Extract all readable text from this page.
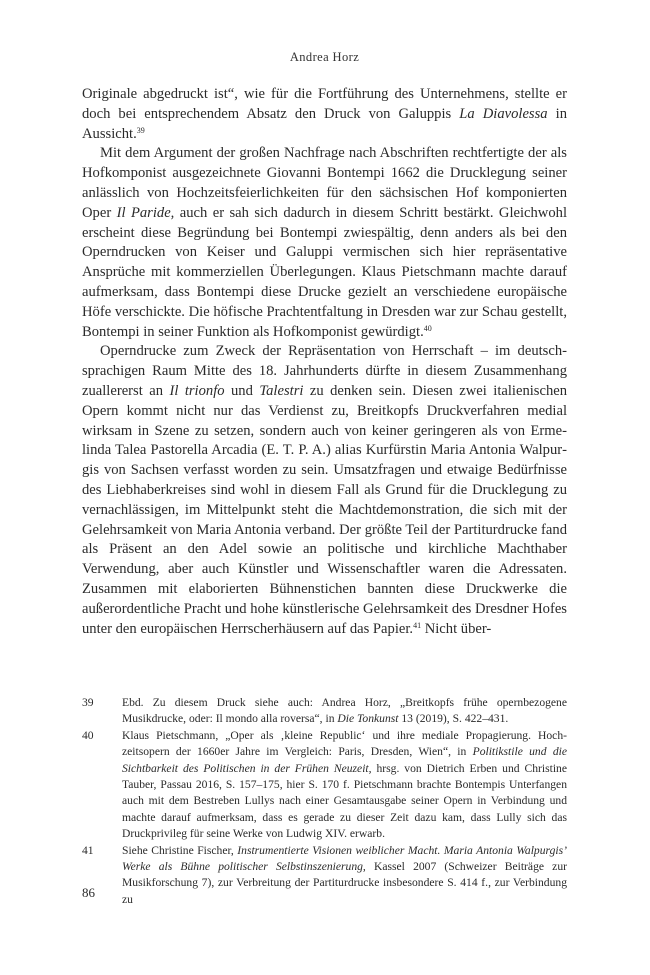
Andrea Horz

Originale abgedruckt ist“, wie für die Fortführung des Unternehmens, stellte er doch bei entsprechendem Absatz den Druck von Galuppis La Diavolessa in Aussicht.$^{39}$

Mit dem Argument der großen Nachfrage nach Abschriften rechtfertigte der als Hofkomponist ausgezeichnete Giovanni Bontempi 1662 die Drucklegung seiner anlässlich von Hochzeitsfeierlichkeiten für den sächsischen Hof komponierten Oper Il Paride, auch er sah sich dadurch in diesem Schritt bestärkt. Gleichwohl erscheint diese Begründung bei Bontempi zwiespältig, denn anders als bei den Operndrucken von Keiser und Galuppi vermischen sich hier repräsentative Ansprüche mit kommerziellen Überlegungen. Klaus Pietschmann machte darauf aufmerksam, dass Bontempi diese Drucke gezielt an verschiedene europäische Höfe verschickte. Die höfische Prachtentfaltung in Dresden war zur Schau gestellt, Bontempi in seiner Funktion als Hofkomponist gewürdigt.$^{40}$

Operndrucke zum Zweck der Repräsentation von Herrschaft – im deutschsprachigen Raum Mitte des 18. Jahrhunderts dürfte in diesem Zusammenhang zuallererst an Il trionfo und Talestri zu denken sein. Diesen zwei italienischen Opern kommt nicht nur das Verdienst zu, Breitkopfs Druckverfahren medial wirksam in Szene zu setzen, sondern auch von keiner geringeren als von Ermelinda Talea Pastorella Arcadia (E. T. P. A.) alias Kurfürstin Maria Antonia Walpurgis von Sachsen verfasst worden zu sein. Umsatzfragen und etwaige Bedürfnisse des Liebhaberkreises sind wohl in diesem Fall als Grund für die Drucklegung zu vernachlässigen, im Mittelpunkt steht die Machtdemonstration, die sich mit der Gelehrsamkeit von Maria Antonia verband. Der größte Teil der Partiturdrucke fand als Präsent an den Adel sowie an politische und kirchliche Machthaber Verwendung, aber auch Künstler und Wissenschaftler waren die Adressaten. Zusammen mit elaborierten Bühnenstichen bannten diese Druckwerke die außerordentliche Pracht und hohe künstlerische Gelehrsamkeit des Dresdner Hofes unter den europäischen Herrscherhäusern auf das Papier.$^{41}$ Nicht über-

39	Ebd. Zu diesem Druck siehe auch: Andrea Horz, „Breitkopfs frühe opernbezogene Musikdrucke, oder: Il mondo alla roversa“, in Die Tonkunst 13 (2019), S. 422–431.
40	Klaus Pietschmann, „Oper als ‚kleine Republic‘ und ihre mediale Propagierung. Hochzeitsopern der 1660er Jahre im Vergleich: Paris, Dresden, Wien“, in Politikstile und die Sichtbarkeit des Politischen in der Frühen Neuzeit, hrsg. von Dietrich Erben und Christine Tauber, Passau 2016, S. 157–175, hier S. 170 f. Pietschmann brachte Bontempis Unterfangen auch mit dem Bestreben Lullys nach einer Gesamtausgabe seiner Opern in Verbindung und machte darauf aufmerksam, dass es gerade zu dieser Zeit dazu kam, dass Lully sich das Druckprivileg für seine Werke von Ludwig XIV. erwarb.
41	Siehe Christine Fischer, Instrumentierte Visionen weiblicher Macht. Maria Antonia Walpurgis’ Werke als Bühne politischer Selbstinszenierung, Kassel 2007 (Schweizer Beiträge zur Musikforschung 7), zur Verbreitung der Partiturdrucke insbesondere S. 414 f., zur Verbindung zu
86
